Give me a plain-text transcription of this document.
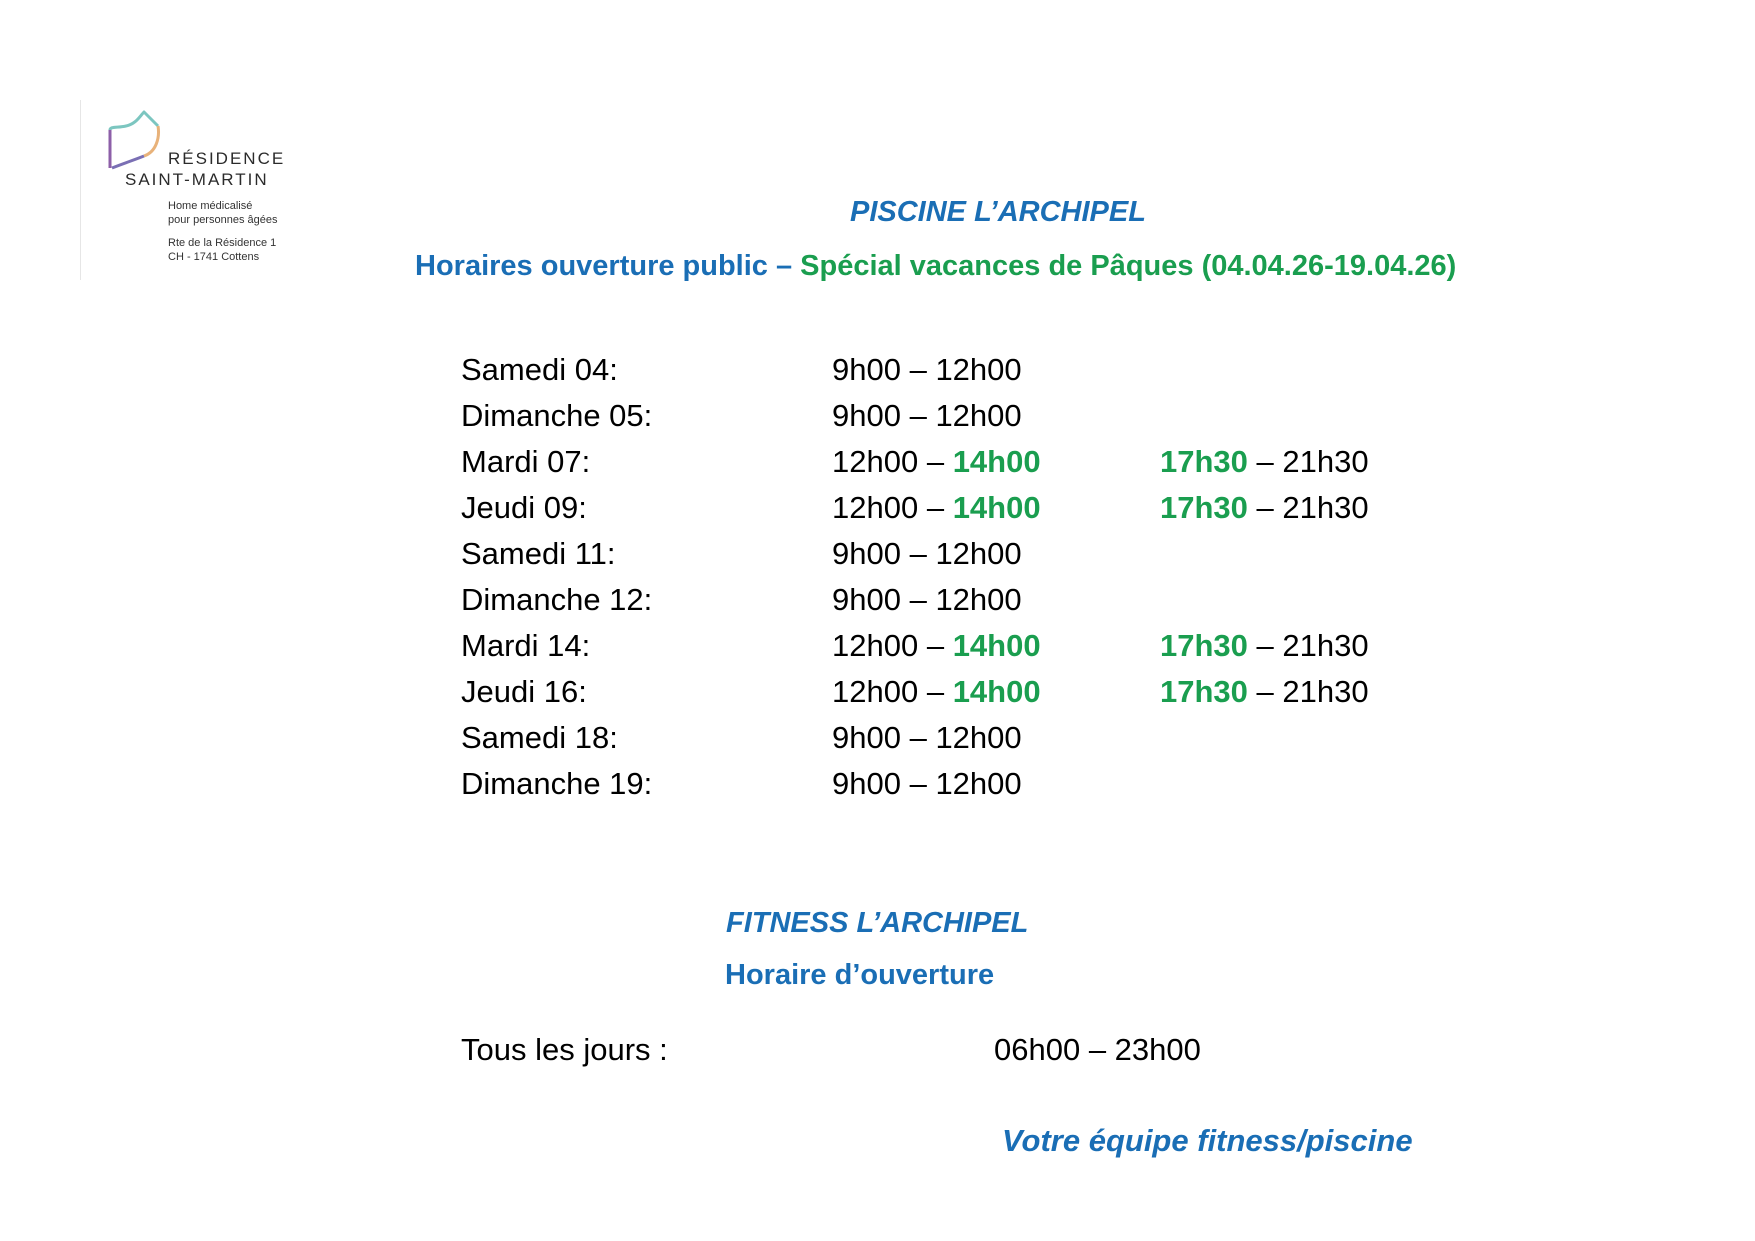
RÉSIDENCE
SAINT-MARTIN
Home médicalisé
pour personnes âgées
Rte de la Résidence 1
CH - 1741 Cottens
PISCINE L’ARCHIPEL
Horaires ouverture public – Spécial vacances de Pâques (04.04.26-19.04.26)
Samedi 04:	9h00 – 12h00
Dimanche 05:	9h00 – 12h00
Mardi 07:	12h00 – 14h00	17h30 – 21h30
Jeudi 09:	12h00 – 14h00	17h30 – 21h30
Samedi 11:	9h00 – 12h00
Dimanche 12:	9h00 – 12h00
Mardi 14:	12h00 – 14h00	17h30 – 21h30
Jeudi 16:	12h00 – 14h00	17h30 – 21h30
Samedi 18:	9h00 – 12h00
Dimanche 19:	9h00 – 12h00
FITNESS L’ARCHIPEL
Horaire d’ouverture
Tous les jours :	06h00 – 23h00
Votre équipe fitness/piscine
